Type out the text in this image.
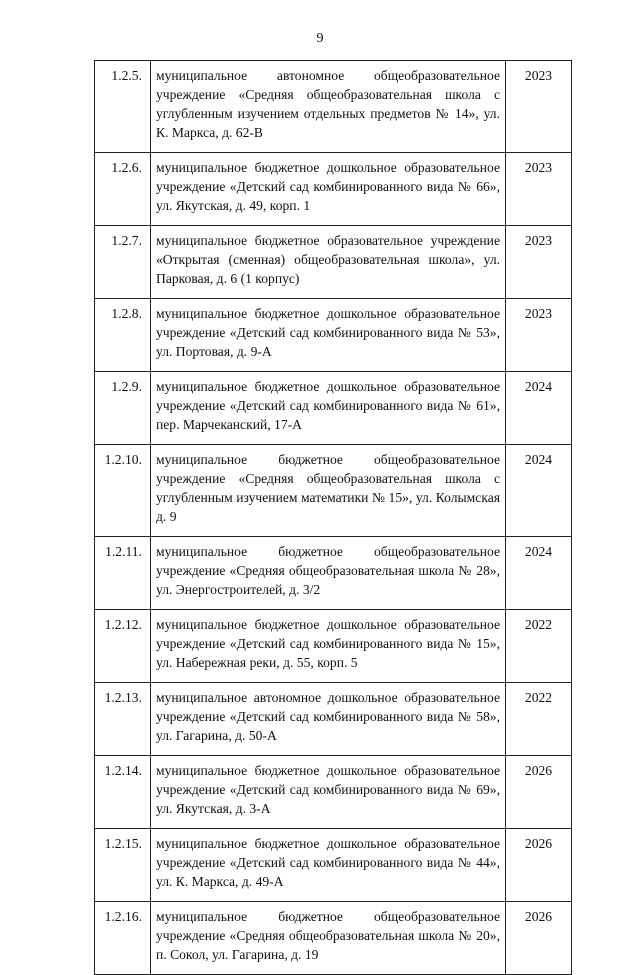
9
1.2.5.	муниципальное автономное общеобразовательное учреждение «Средняя общеобразовательная школа с углубленным изучением отдельных предметов № 14», ул. К. Маркса, д. 62-В	2023
1.2.6.	муниципальное бюджетное дошкольное образовательное учреждение «Детский сад комбинированного вида № 66», ул. Якутская, д. 49, корп. 1	2023
1.2.7.	муниципальное бюджетное образовательное учреждение «Открытая (сменная) общеобразовательная школа», ул. Парковая, д. 6 (1 корпус)	2023
1.2.8.	муниципальное бюджетное дошкольное образовательное учреждение «Детский сад комбинированного вида № 53», ул. Портовая, д. 9-А	2023
1.2.9.	муниципальное бюджетное дошкольное образовательное учреждение «Детский сад комбинированного вида № 61», пер. Марчеканский, 17-А	2024
1.2.10.	муниципальное бюджетное общеобразовательное учреждение «Средняя общеобразовательная школа с углубленным изучением математики № 15», ул. Колымская д. 9	2024
1.2.11.	муниципальное бюджетное общеобразовательное учреждение «Средняя общеобразовательная школа № 28», ул. Энергостроителей, д. 3/2	2024
1.2.12.	муниципальное бюджетное дошкольное образовательное учреждение «Детский сад комбинированного вида № 15», ул. Набережная реки, д. 55, корп. 5	2022
1.2.13.	муниципальное автономное дошкольное образовательное учреждение «Детский сад комбинированного вида № 58», ул. Гагарина, д. 50-А	2022
1.2.14.	муниципальное бюджетное дошкольное образовательное учреждение «Детский сад комбинированного вида № 69», ул. Якутская, д. 3-А	2026
1.2.15.	муниципальное бюджетное дошкольное образовательное учреждение «Детский сад комбинированного вида № 44», ул. К. Маркса, д. 49-А	2026
1.2.16.	муниципальное бюджетное общеобразовательное учреждение «Средняя общеобразовательная школа № 20», п. Сокол, ул. Гагарина, д. 19	2026
